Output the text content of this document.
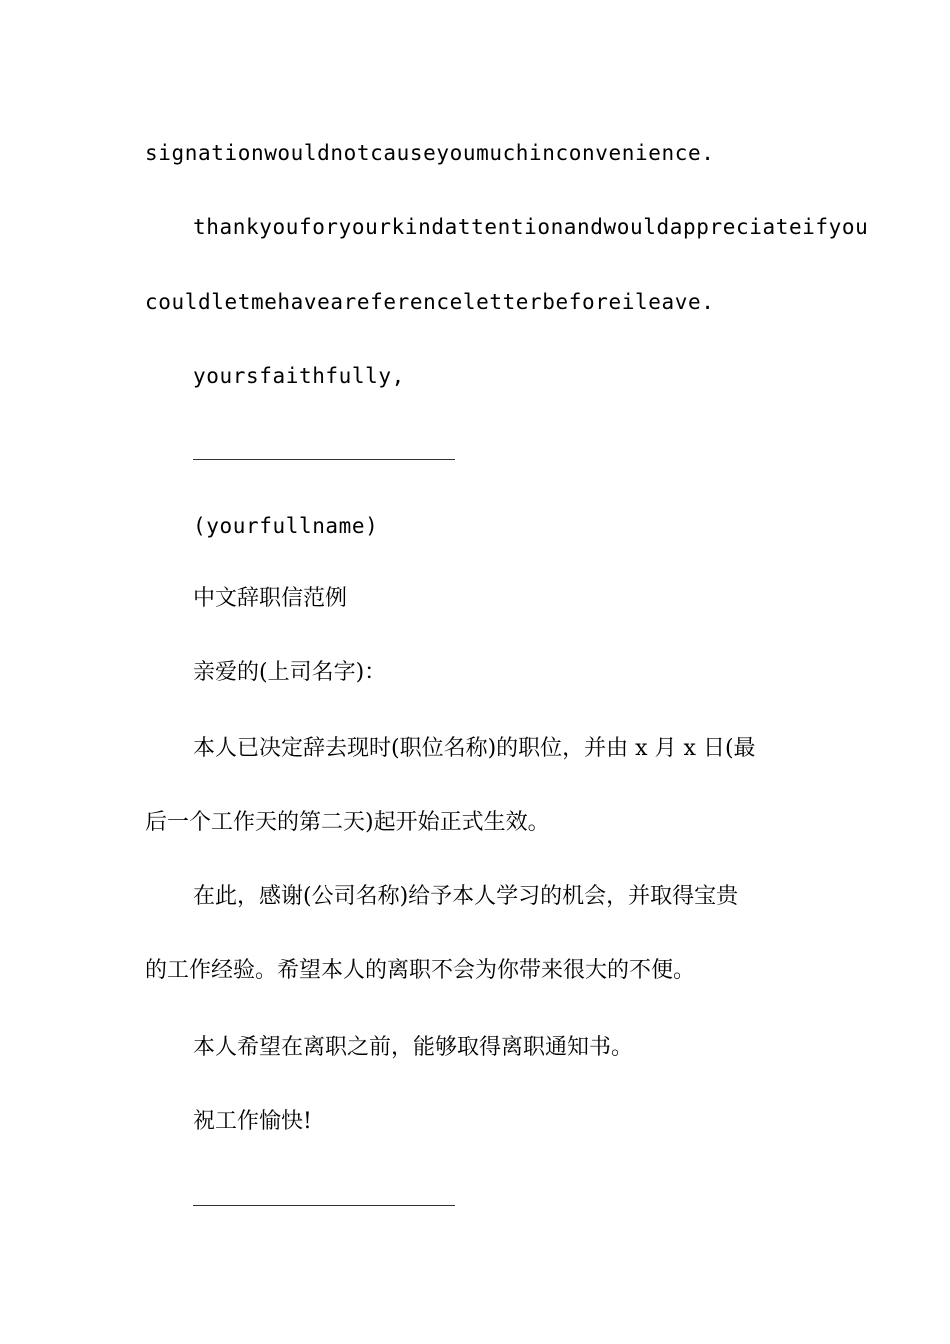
signationwouldnotcauseyoumuchinconvenience.
thankyouforyourkindattentionandwouldappreciateifyou
couldletmehaveareferenceletterbeforeileave.
yoursfaithfully,
(yourfullname)
中文辞职信范例
亲爱的(上司名字)：
本人已决定辞去现时(职位名称)的职位，并由 x 月 x 日(最
后一个工作天的第二天)起开始正式生效。
在此，感谢(公司名称)给予本人学习的机会，并取得宝贵
的工作经验。希望本人的离职不会为你带来很大的不便。
本人希望在离职之前，能够取得离职通知书。
祝工作愉快!
